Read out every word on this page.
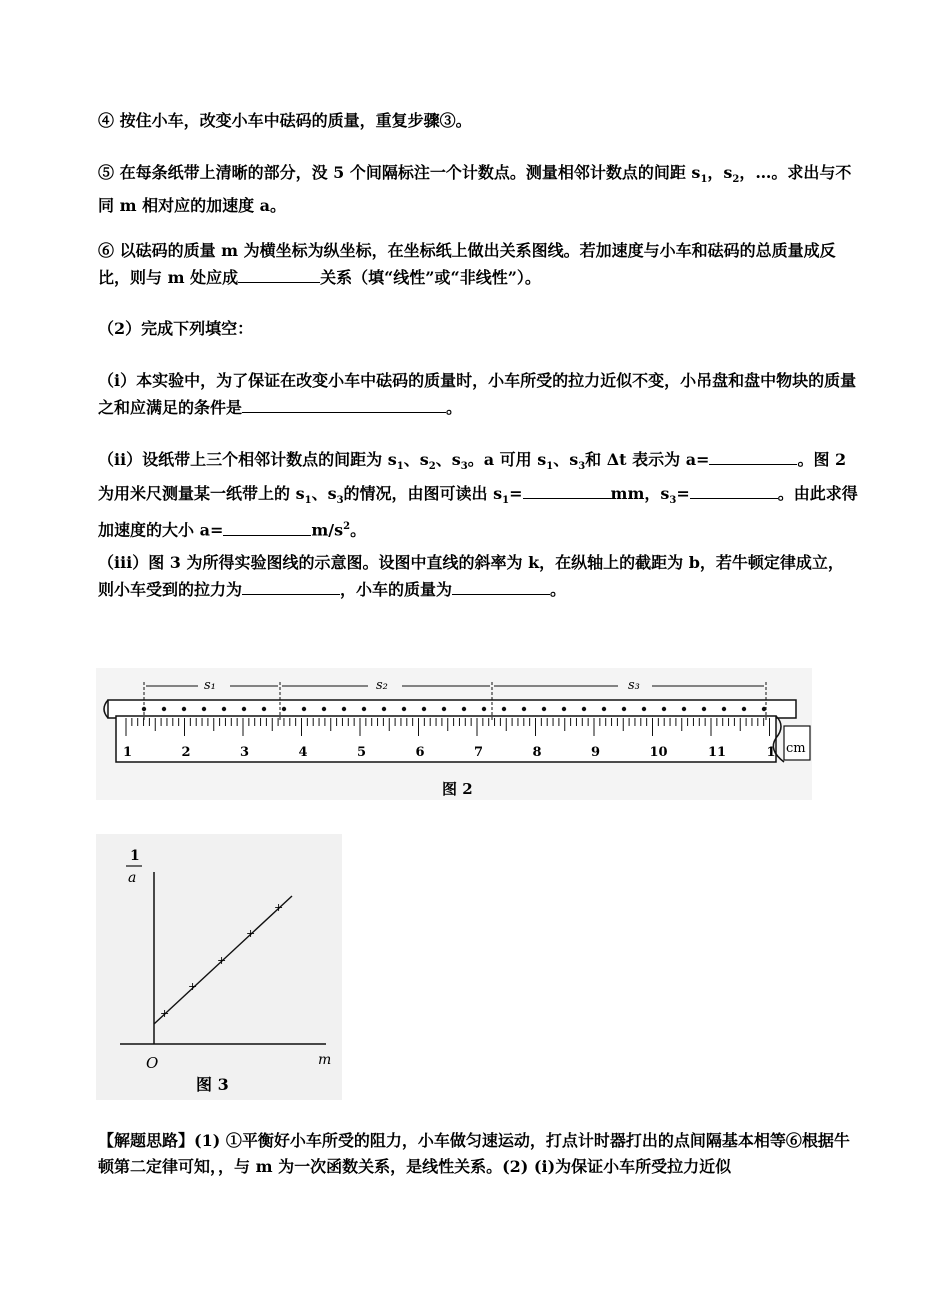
④ 按住小车，改变小车中砝码的质量，重复步骤③。

⑤ 在每条纸带上清晰的部分，没 5 个间隔标注一个计数点。测量相邻计数点的间距 $s_1$，$s_2$，…。求出与不同 m 相对应的加速度 a。

⑥ 以砝码的质量 m 为横坐标为纵坐标，在坐标纸上做出关系图线。若加速度与小车和砝码的总质量成反比，则与 m 处应成	关系（填“线性”或“非线性”）。

（2）完成下列填空：

（ⅰ）本实验中，为了保证在改变小车中砝码的质量时，小车所受的拉力近似不变，小吊盘和盘中物块的质量之和应满足的条件是	。

（ⅱ）设纸带上三个相邻计数点的间距为 $s_1$、$s_2$、$s_3$。a 可用 $s_1$、$s_3$和 Δt 表示为 a=	。图 2 为用米尺测量某一纸带上的 $s_1$、$s_3$的情况，由图可读出 $s_1=$	mm，$s_3=$	。由此求得加速度的大小 a=	$m/s^2$。

（ⅲ）图 3 为所得实验图线的示意图。设图中直线的斜率为 k，在纵轴上的截距为 b，若牛顿定律成立，则小车受到的拉力为	，小车的质量为	。

cm
1	2	3	4	5	6	7	8	9	10	11	1
s₁	s₂	s₃
图 2
1
a
O	m
+
+
+
+
+
图 3

【解题思路】(1) ①平衡好小车所受的阻力，小车做匀速运动，打点计时器打出的点间隔基本相等⑥根据牛顿第二定律可知，，与 m 为一次函数关系，是线性关系。(2) (i)为保证小车所受拉力近似
